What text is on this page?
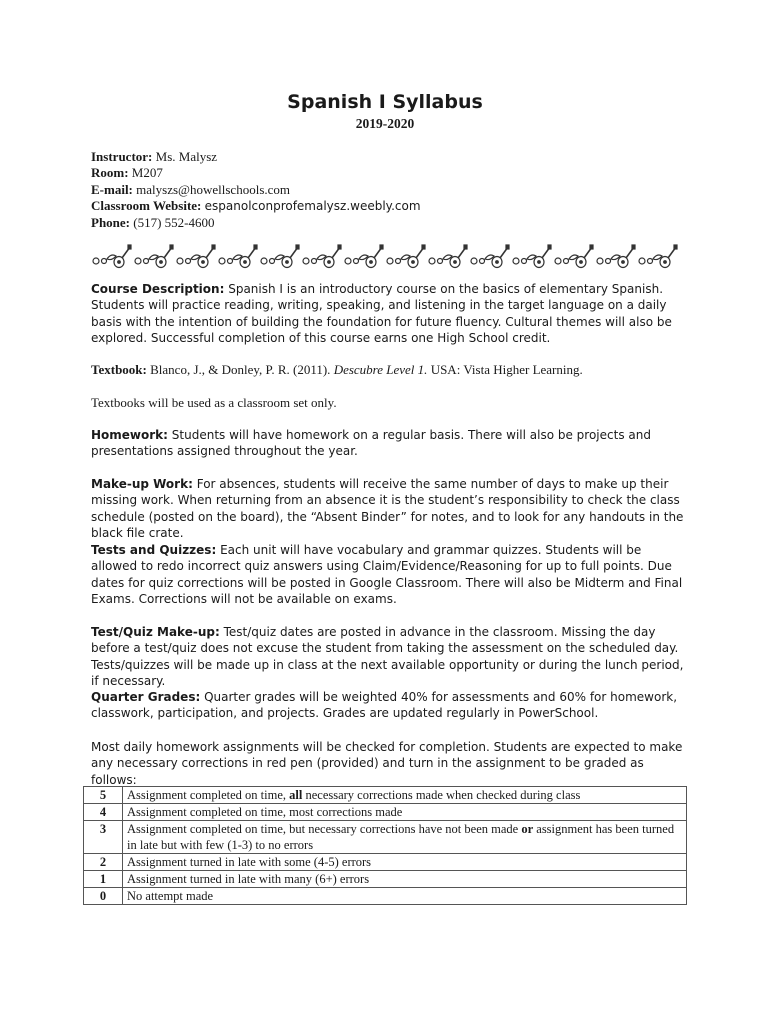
Spanish I Syllabus
2019-2020
Instructor: Ms. Malysz
Room: M207
E-mail: malyszs@howellschools.com
Classroom Website: espanolconprofemalysz.weebly.com
Phone: (517) 552-4600
Course Description: Spanish I is an introductory course on the basics of elementary Spanish. Students will practice reading, writing, speaking, and listening in the target language on a daily basis with the intention of building the foundation for future fluency. Cultural themes will also be explored. Successful completion of this course earns one High School credit.
Textbook: Blanco, J., & Donley, P. R. (2011). Descubre Level 1. USA: Vista Higher Learning.
Textbooks will be used as a classroom set only.
Homework: Students will have homework on a regular basis. There will also be projects and presentations assigned throughout the year.
Make-up Work: For absences, students will receive the same number of days to make up their missing work. When returning from an absence it is the student’s responsibility to check the class schedule (posted on the board), the “Absent Binder” for notes, and to look for any handouts in the black file crate.
Tests and Quizzes: Each unit will have vocabulary and grammar quizzes. Students will be allowed to redo incorrect quiz answers using Claim/Evidence/Reasoning for up to full points. Due dates for quiz corrections will be posted in Google Classroom. There will also be Midterm and Final Exams. Corrections will not be available on exams.
Test/Quiz Make-up: Test/quiz dates are posted in advance in the classroom. Missing the day before a test/quiz does not excuse the student from taking the assessment on the scheduled day. Tests/quizzes will be made up in class at the next available opportunity or during the lunch period, if necessary.
Quarter Grades: Quarter grades will be weighted 40% for assessments and 60% for homework, classwork, participation, and projects. Grades are updated regularly in PowerSchool.
Most daily homework assignments will be checked for completion. Students are expected to make any necessary corrections in red pen (provided) and turn in the assignment to be graded as follows:
5	Assignment completed on time, all necessary corrections made when checked during class
4	Assignment completed on time, most corrections made
3	Assignment completed on time, but necessary corrections have not been made or assignment has been turned in late but with few (1-3) to no errors
2	Assignment turned in late with some (4-5) errors
1	Assignment turned in late with many (6+) errors
0	No attempt made
